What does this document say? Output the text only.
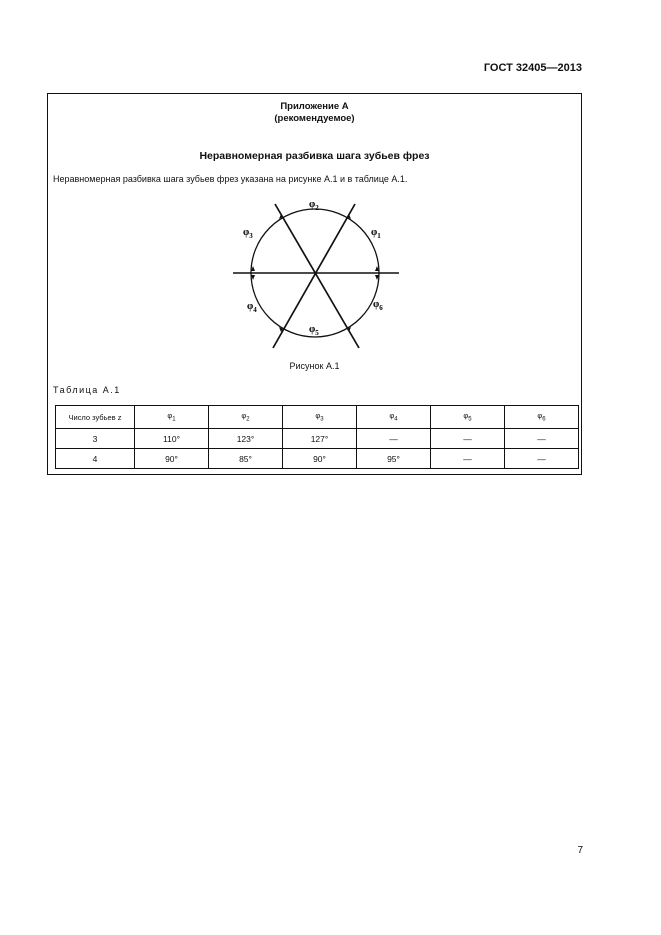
ГОСТ 32405—2013
Приложение А
(рекомендуемое)
Неравномерная разбивка шага зубьев фрез
Неравномерная разбивка шага зубьев фрез указана на рисунке А.1 и в таблице А.1.
$\varphi_2$
$\varphi_3$	$\varphi_1$
$\varphi_4$	$\varphi_6$
$\varphi_5$
Рисунок А.1
Таблица А.1
Число зубьев z	$\varphi_1$	$\varphi_2$	$\varphi_3$	$\varphi_4$	$\varphi_5$	$\varphi_6$
3	110°	123°	127°	—	—	—
4	90°	85°	90°	95°	—	—
7
